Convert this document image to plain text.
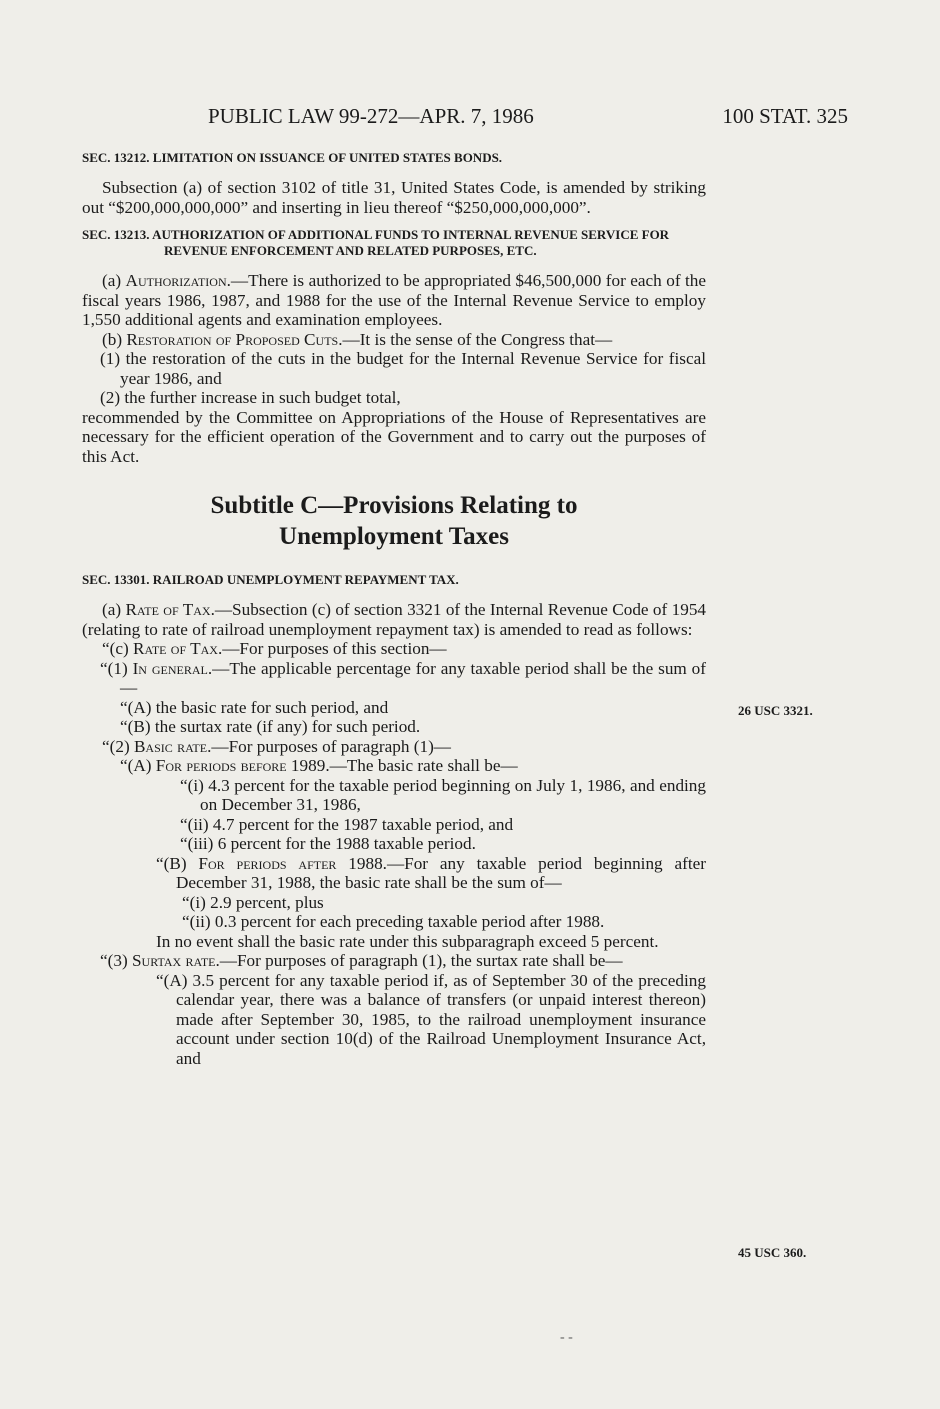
PUBLIC LAW 99-272—APR. 7, 1986	100 STAT. 325
SEC. 13212. LIMITATION ON ISSUANCE OF UNITED STATES BONDS.

Subsection (a) of section 3102 of title 31, United States Code, is amended by striking out “$200,000,000,000” and inserting in lieu thereof “$250,000,000,000”.

SEC. 13213. AUTHORIZATION OF ADDITIONAL FUNDS TO INTERNAL REVENUE SERVICE FOR REVENUE ENFORCEMENT AND RELATED PURPOSES, ETC.

(a) Authorization.—There is authorized to be appropriated $46,500,000 for each of the fiscal years 1986, 1987, and 1988 for the use of the Internal Revenue Service to employ 1,550 additional agents and examination employees.

(b) Restoration of Proposed Cuts.—It is the sense of the Congress that—

(1) the restoration of the cuts in the budget for the Internal Revenue Service for fiscal year 1986, and

(2) the further increase in such budget total,

recommended by the Committee on Appropriations of the House of Representatives are necessary for the efficient operation of the Government and to carry out the purposes of this Act.

Subtitle C—Provisions Relating to
Unemployment Taxes
SEC. 13301. RAILROAD UNEMPLOYMENT REPAYMENT TAX.

(a) Rate of Tax.—Subsection (c) of section 3321 of the Internal Revenue Code of 1954 (relating to rate of railroad unemployment repayment tax) is amended to read as follows:

“(c) Rate of Tax.—For purposes of this section—

“(1) In general.—The applicable percentage for any taxable period shall be the sum of—

“(A) the basic rate for such period, and

“(B) the surtax rate (if any) for such period.

“(2) Basic rate.—For purposes of paragraph (1)—

“(A) For periods before 1989.—The basic rate shall be—

“(i) 4.3 percent for the taxable period beginning on July 1, 1986, and ending on December 31, 1986,

“(ii) 4.7 percent for the 1987 taxable period, and

“(iii) 6 percent for the 1988 taxable period.

“(B) For periods after 1988.—For any taxable period beginning after December 31, 1988, the basic rate shall be the sum of—

“(i) 2.9 percent, plus

“(ii) 0.3 percent for each preceding taxable period after 1988.

In no event shall the basic rate under this subparagraph exceed 5 percent.

“(3) Surtax rate.—For purposes of paragraph (1), the surtax rate shall be—

“(A) 3.5 percent for any taxable period if, as of September 30 of the preceding calendar year, there was a balance of transfers (or unpaid interest thereon) made after September 30, 1985, to the railroad unemployment insurance account under section 10(d) of the Railroad Unemployment Insurance Act, and

26 USC 3321.
45 USC 360.
- -
